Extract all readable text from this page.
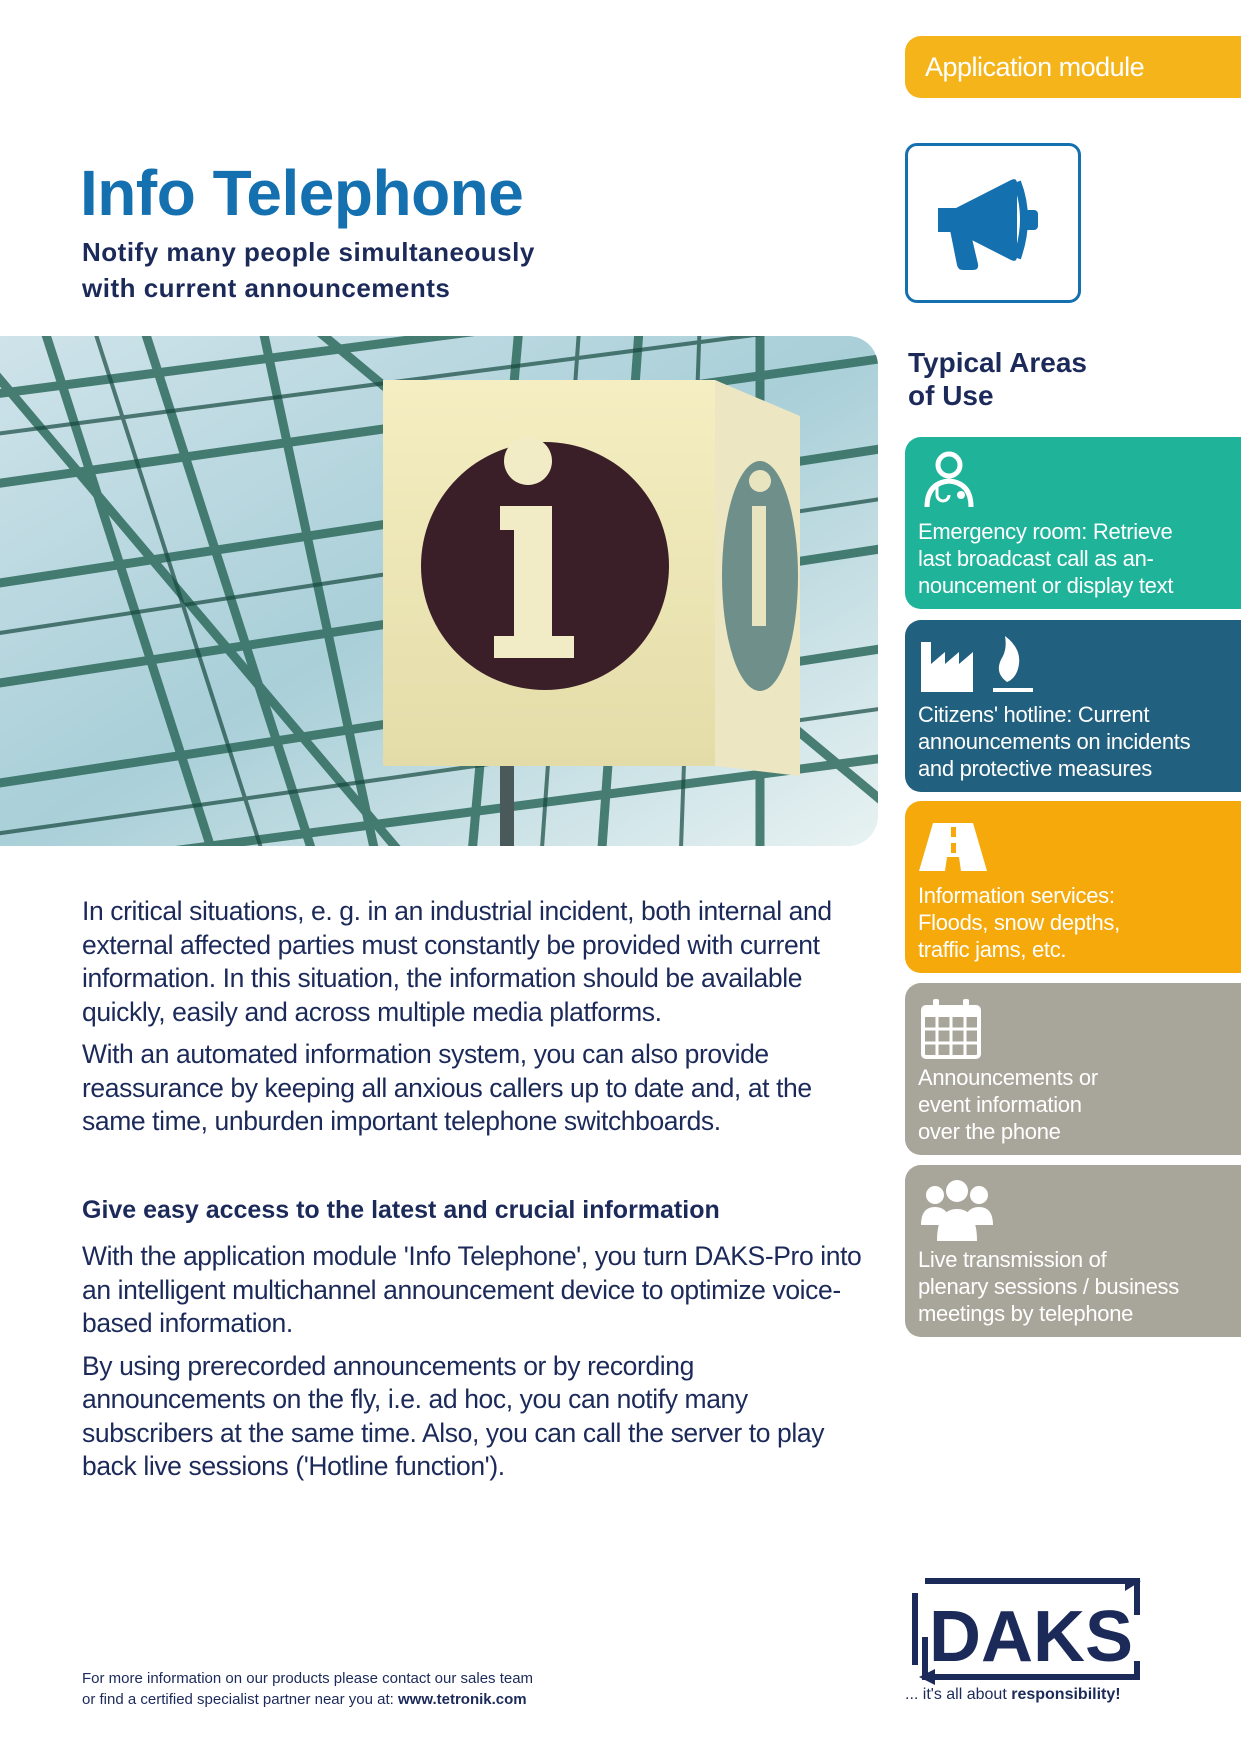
Application module
Info Telephone
Notify many people simultaneously
with current announcements
Typical Areas
of Use
Emergency room: Retrieve
last broadcast call as an-
nouncement or display text
Citizens' hotline: Current
announcements on incidents
and protective measures
Information services:
Floods, snow depths,
traffic jams, etc.
Announcements or
event information
over the phone
Live transmission of
plenary sessions / business
meetings by telephone

In critical situations, e. g. in an industrial incident, both internal and external affected parties must constantly be provided with current information. In this situation, the information should be available quickly, easily and across multiple media platforms.

With an automated information system, you can also provide reassurance by keeping all anxious callers up to date and, at the same time, unburden important telephone switchboards.

Give easy access to the latest and crucial information

With the application module 'Info Telephone', you turn DAKS-Pro into an intelligent multichannel announcement device to optimize voice-based information.

By using prerecorded announcements or by recording announcements on the fly, i.e. ad hoc, you can notify many subscribers at the same time. Also, you can call the server to play back live sessions ('Hotline function').

For more information on our products please contact our sales team
or find a certified specialist partner near you at: www.tetronik.com
DAKS
... it's all about responsibility!
